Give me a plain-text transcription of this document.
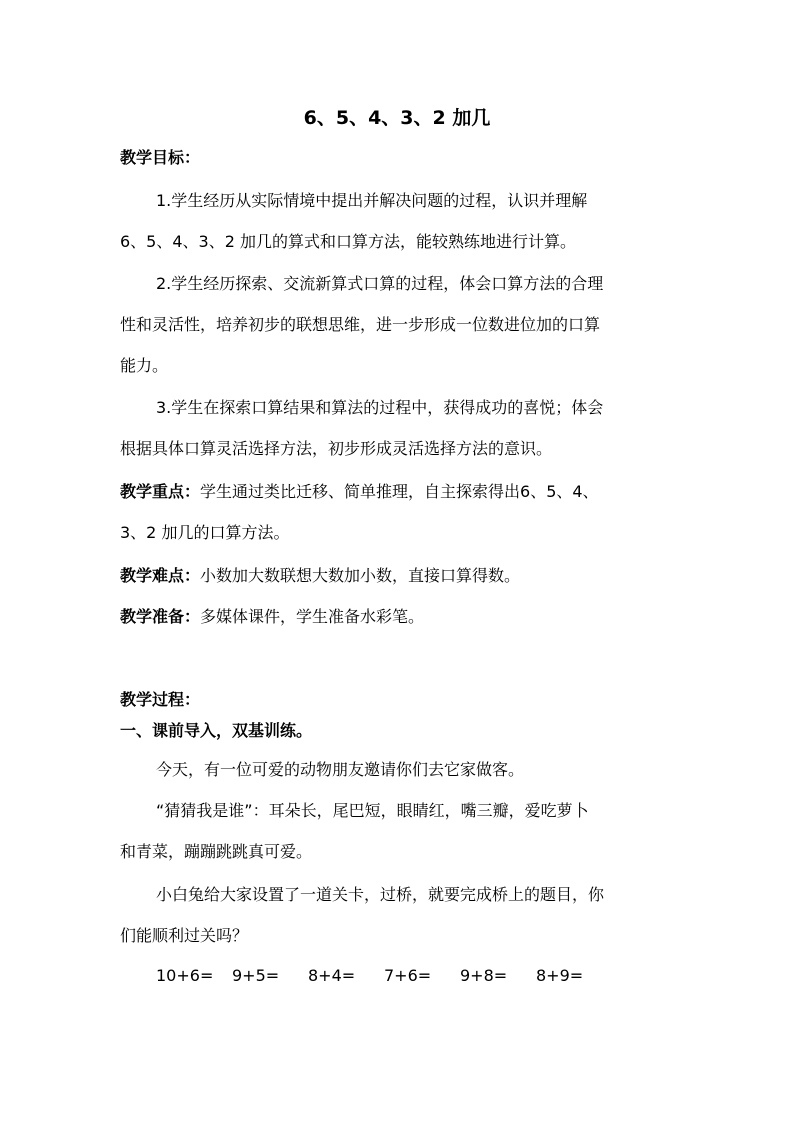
6、5、4、3、2 加几
教学目标：
1.学生经历从实际情境中提出并解决问题的过程，认识并理解
6、5、4、3、2 加几的算式和口算方法，能较熟练地进行计算。
2.学生经历探索、交流新算式口算的过程，体会口算方法的合理
性和灵活性，培养初步的联想思维，进一步形成一位数进位加的口算
能力。
3.学生在探索口算结果和算法的过程中，获得成功的喜悦；体会
根据具体口算灵活选择方法，初步形成灵活选择方法的意识。
教学重点：学生通过类比迁移、简单推理，自主探索得出6、5、4、
3、2 加几的口算方法。
教学难点：小数加大数联想大数加小数，直接口算得数。
教学准备：多媒体课件，学生准备水彩笔。
教学过程：
一、课前导入，双基训练。
今天，有一位可爱的动物朋友邀请你们去它家做客。
“猜猜我是谁”：耳朵长，尾巴短，眼睛红，嘴三瓣，爱吃萝卜
和青菜，蹦蹦跳跳真可爱。
小白兔给大家设置了一道关卡，过桥，就要完成桥上的题目，你
们能顺利过关吗？
10+6= 9+5= 8+4= 7+6= 9+8= 8+9=
